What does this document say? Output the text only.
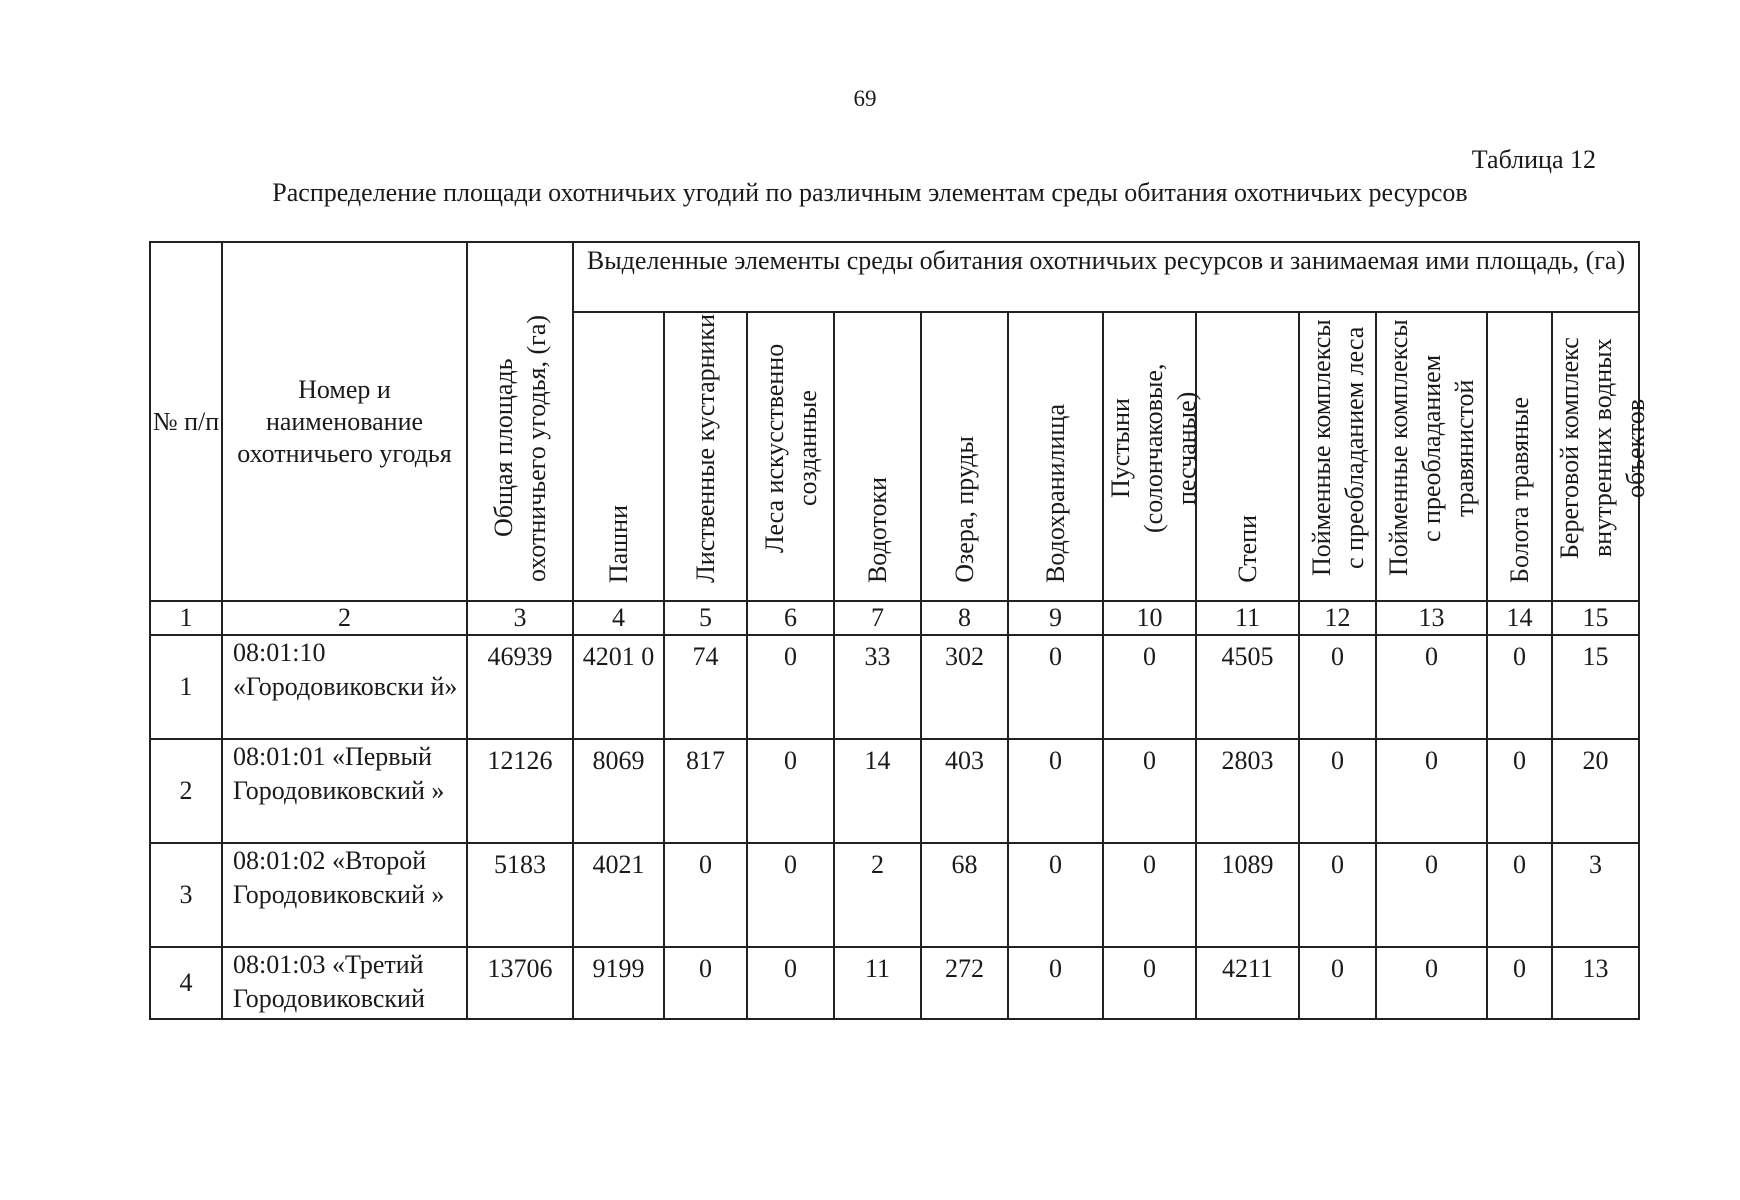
69
Таблица 12
Распределение площади охотничьих угодий по различным элементам среды обитания охотничьих ресурсов
№ п/п	Номер и наименование охотничьего угодья	Общая площадь охотничьего угодья, (га)	Выделенные элементы среды обитания охотничьих ресурсов и занимаемая ими площадь, (га)											
			Пашни	Лиственные кустарники	Леса искусственно созданные	Водотоки	Озера, пруды	Водохранилища	Пустыни (солончаковые, песчаные)	Степи	Пойменные комплексы с преобладанием леса	Пойменные комплексы с преобладанием травянистой	Болота травяные	Береговой комплекс внутренних водных объектов
1	2	3	4	5	6	7	8	9	10	11	12	13	14	15
1	08:01:10 «Городовиковски й»	46939	4201 0	74	0	33	302	0	0	4505	0	0	0	15
2	08:01:01 «Первый Городовиковский »	12126	8069	817	0	14	403	0	0	2803	0	0	0	20
3	08:01:02 «Второй Городовиковский »	5183	4021	0	0	2	68	0	0	1089	0	0	0	3
4	08:01:03 «Третий Городовиковский	13706	9199	0	0	11	272	0	0	4211	0	0	0	13
